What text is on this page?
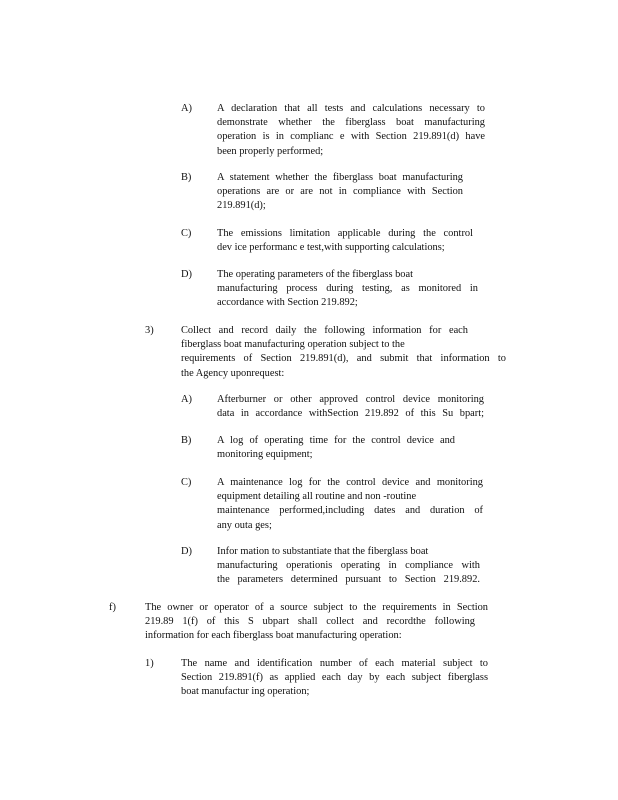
A) A declaration that all tests and calculations necessary to
demonstrate whether the fiberglass boat manufacturing
operation is in complianc e with Section 219.891(d) have
been properly performed;
B) A statement whether the fiberglass boat manufacturing
operations are or are not in compliance with Section
219.891(d);
C) The emissions limitation applicable during the control
dev ice performanc e test,with supporting calculations;
D) The operating parameters of the fiberglass boat
manufacturing process during testing, as monitored in
accordance with Section 219.892;
3)	Collect and record daily the following information for each
fiberglass boat manufacturing operation subject to the
requirements of Section 219.891(d), and submit that information to
the Agency uponrequest:
A) Afterburner or other approved control device monitoring
data in accordance withSection 219.892 of this Su bpart;
B) A log of operating time for the control device and
monitoring equipment;
C) A maintenance log for the control device and monitoring
equipment detailing all routine and non -routine
maintenance performed,including dates and duration of
any outa ges;
D) Infor mation to substantiate that the fiberglass boat
manufacturing operationis operating in compliance with
the parameters determined pursuant to Section 219.892.
f)	The owner or operator of a source subject to the requirements in Section
219.89 1(f) of this S ubpart shall collect and recordthe following
information for each fiberglass boat manufacturing operation:
1)	The name and identification number of each material subject to
Section 219.891(f) as applied each day by each subject fiberglass
boat manufactur ing operation;
